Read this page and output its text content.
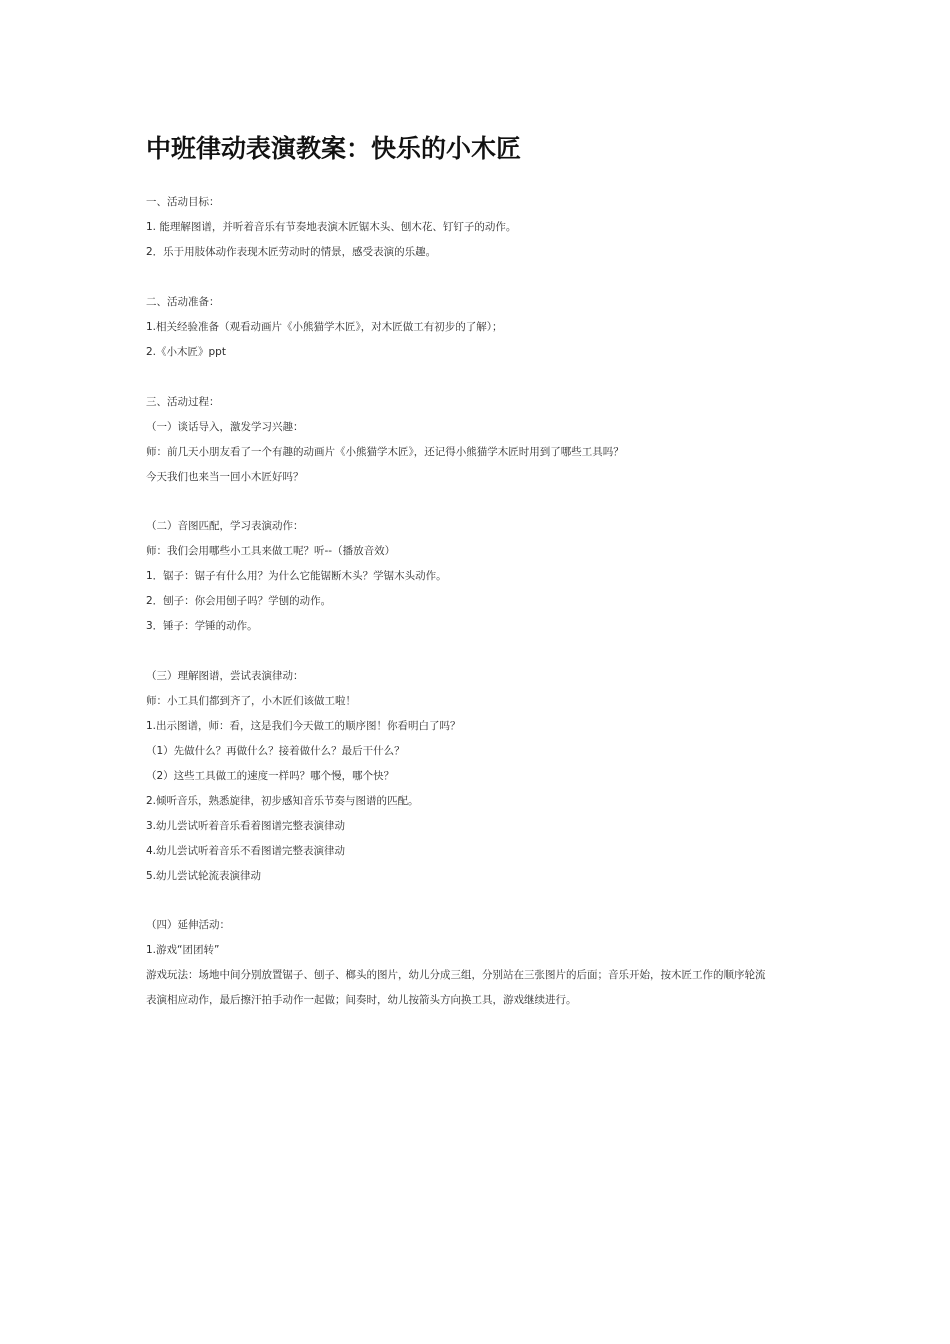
中班律动表演教案：快乐的小木匠

一、活动目标：

1. 能理解图谱，并听着音乐有节奏地表演木匠锯木头、刨木花、钉钉子的动作。

2．乐于用肢体动作表现木匠劳动时的情景，感受表演的乐趣。

二、活动准备：

1.相关经验准备（观看动画片《小熊猫学木匠》，对木匠做工有初步的了解）；

2.《小木匠》ppt

三、活动过程：

（一）谈话导入，激发学习兴趣：

师：前几天小朋友看了一个有趣的动画片《小熊猫学木匠》，还记得小熊猫学木匠时用到了哪些工具吗？

今天我们也来当一回小木匠好吗？

（二）音图匹配，学习表演动作：

师：我们会用哪些小工具来做工呢？听--（播放音效）

1．锯子：锯子有什么用？为什么它能锯断木头？学锯木头动作。

2．刨子：你会用刨子吗？学刨的动作。

3．锤子：学锤的动作。

（三）理解图谱，尝试表演律动：

师：小工具们都到齐了，小木匠们该做工啦！

1.出示图谱，师：看，这是我们今天做工的顺序图！你看明白了吗？

（1）先做什么？再做什么？接着做什么？最后干什么？

（2）这些工具做工的速度一样吗？哪个慢，哪个快？

2.倾听音乐，熟悉旋律，初步感知音乐节奏与图谱的匹配。

3.幼儿尝试听着音乐看着图谱完整表演律动

4.幼儿尝试听着音乐不看图谱完整表演律动

5.幼儿尝试轮流表演律动

（四）延伸活动：

1.游戏“团团转”

游戏玩法：场地中间分别放置锯子、刨子、榔头的图片，幼儿分成三组，分别站在三张图片的后面；音乐开始，按木匠工作的顺序轮流

表演相应动作，最后擦汗拍手动作一起做；间奏时，幼儿按箭头方向换工具，游戏继续进行。
